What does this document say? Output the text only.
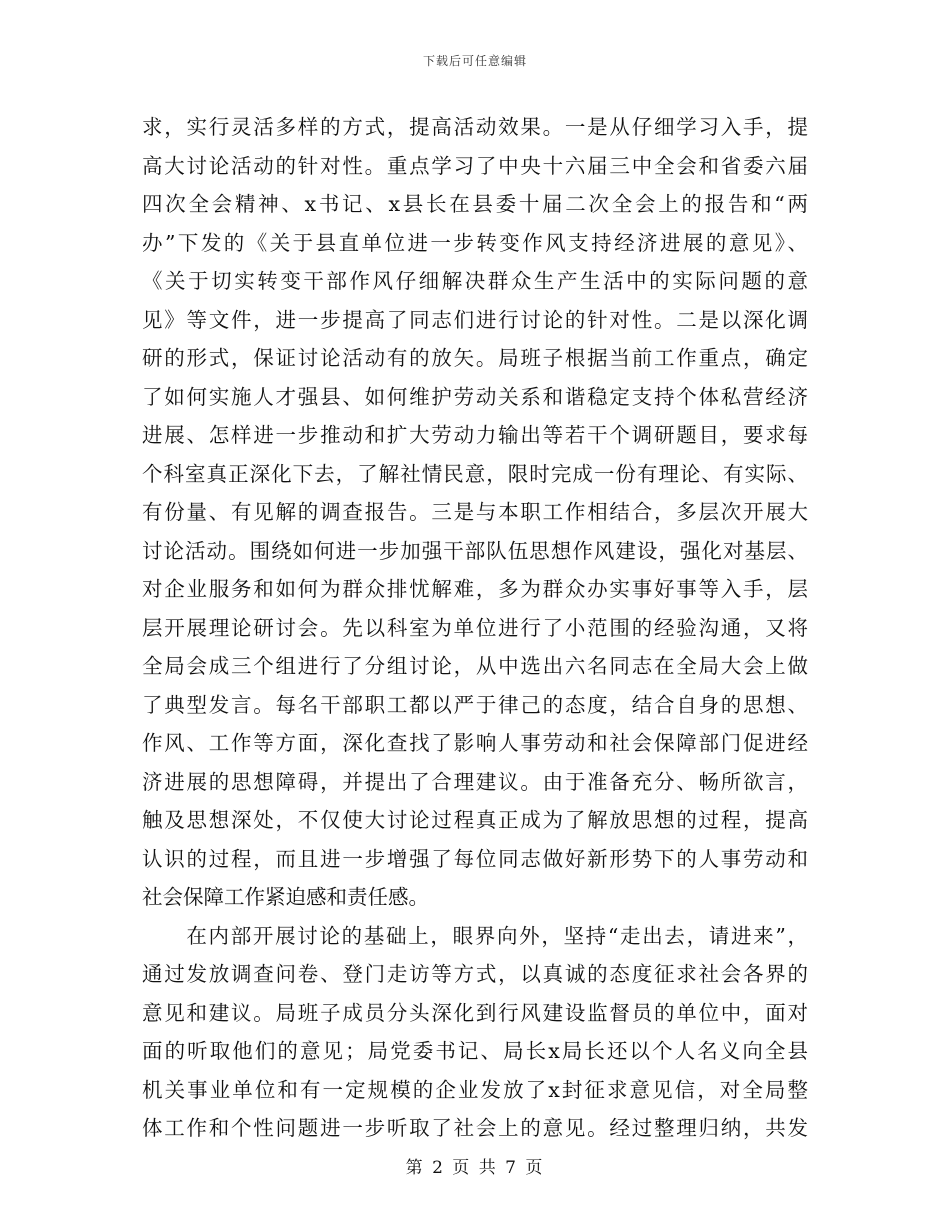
下载后可任意编辑
求，实行灵活多样的方式，提高活动效果。一是从仔细学习入手，提
高大讨论活动的针对性。重点学习了中央十六届三中全会和省委六届
四次全会精神、x书记、x县长在县委十届二次全会上的报告和“两
办”下发的《关于县直单位进一步转变作风支持经济进展的意见》、
《关于切实转变干部作风仔细解决群众生产生活中的实际问题的意
见》等文件，进一步提高了同志们进行讨论的针对性。二是以深化调
研的形式，保证讨论活动有的放矢。局班子根据当前工作重点，确定
了如何实施人才强县、如何维护劳动关系和谐稳定支持个体私营经济
进展、怎样进一步推动和扩大劳动力输出等若干个调研题目，要求每
个科室真正深化下去，了解社情民意，限时完成一份有理论、有实际、
有份量、有见解的调查报告。三是与本职工作相结合，多层次开展大
讨论活动。围绕如何进一步加强干部队伍思想作风建设，强化对基层、
对企业服务和如何为群众排忧解难，多为群众办实事好事等入手，层
层开展理论研讨会。先以科室为单位进行了小范围的经验沟通，又将
全局会成三个组进行了分组讨论，从中选出六名同志在全局大会上做
了典型发言。每名干部职工都以严于律己的态度，结合自身的思想、
作风、工作等方面，深化查找了影响人事劳动和社会保障部门促进经
济进展的思想障碍，并提出了合理建议。由于准备充分、畅所欲言，
触及思想深处，不仅使大讨论过程真正成为了解放思想的过程，提高
认识的过程，而且进一步增强了每位同志做好新形势下的人事劳动和
社会保障工作紧迫感和责任感。
　　在内部开展讨论的基础上，眼界向外，坚持“走出去，请进来”，
通过发放调查问卷、登门走访等方式，以真诚的态度征求社会各界的
意见和建议。局班子成员分头深化到行风建设监督员的单位中，面对
面的听取他们的意见；局党委书记、局长x局长还以个人名义向全县
机关事业单位和有一定规模的企业发放了x封征求意见信，对全局整
体工作和个性问题进一步听取了社会上的意见。经过整理归纳，共发
第 2 页 共 7 页
